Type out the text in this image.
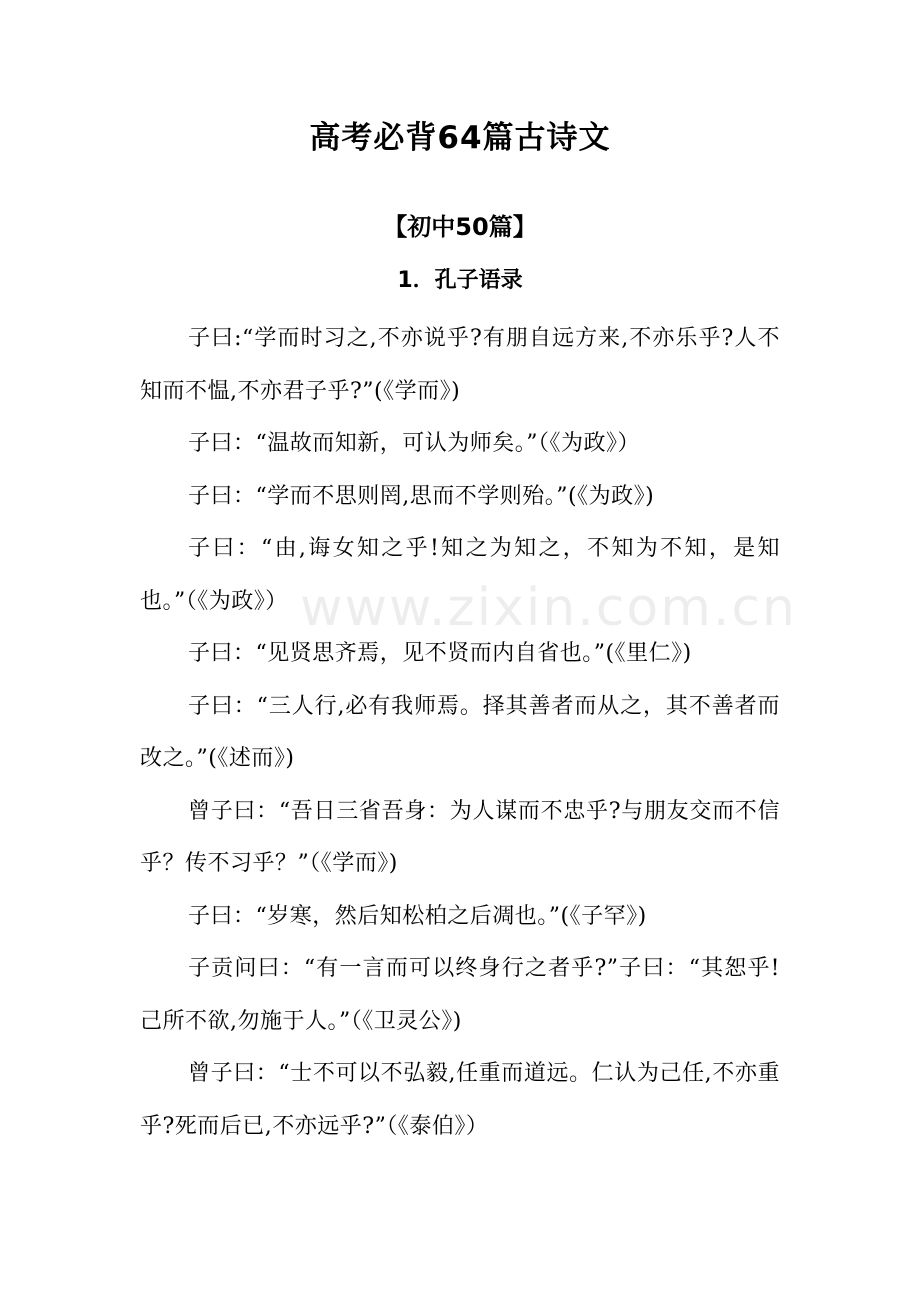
高考必背64篇古诗文
【初中50篇】
1．孔子语录
www.zixin.com.cn

子曰:“学而时习之,不亦说乎?有朋自远方来,不亦乐乎?人不知而不愠,不亦君子乎?”(《学而》)

子曰：“温故而知新，可认为师矣。”（《为政》）

子曰：“学而不思则罔,思而不学则殆。”(《为政》)

子曰：“由,诲女知之乎!知之为知之，不知为不知，是知也。”（《为政》）

子曰：“见贤思齐焉，见不贤而内自省也。”(《里仁》)

子曰：“三人行,必有我师焉。择其善者而从之，其不善者而改之。”(《述而》)

曾子曰：“吾日三省吾身：为人谋而不忠乎?与朋友交而不信乎？传不习乎？”（《学而》)

子曰：“岁寒，然后知松柏之后凋也。”(《子罕》)

子贡问曰：“有一言而可以终身行之者乎?”子曰：“其恕乎!己所不欲,勿施于人。”（《卫灵公》)

曾子曰：“士不可以不弘毅,任重而道远。仁认为己任,不亦重乎?死而后已,不亦远乎?”（《泰伯》）
